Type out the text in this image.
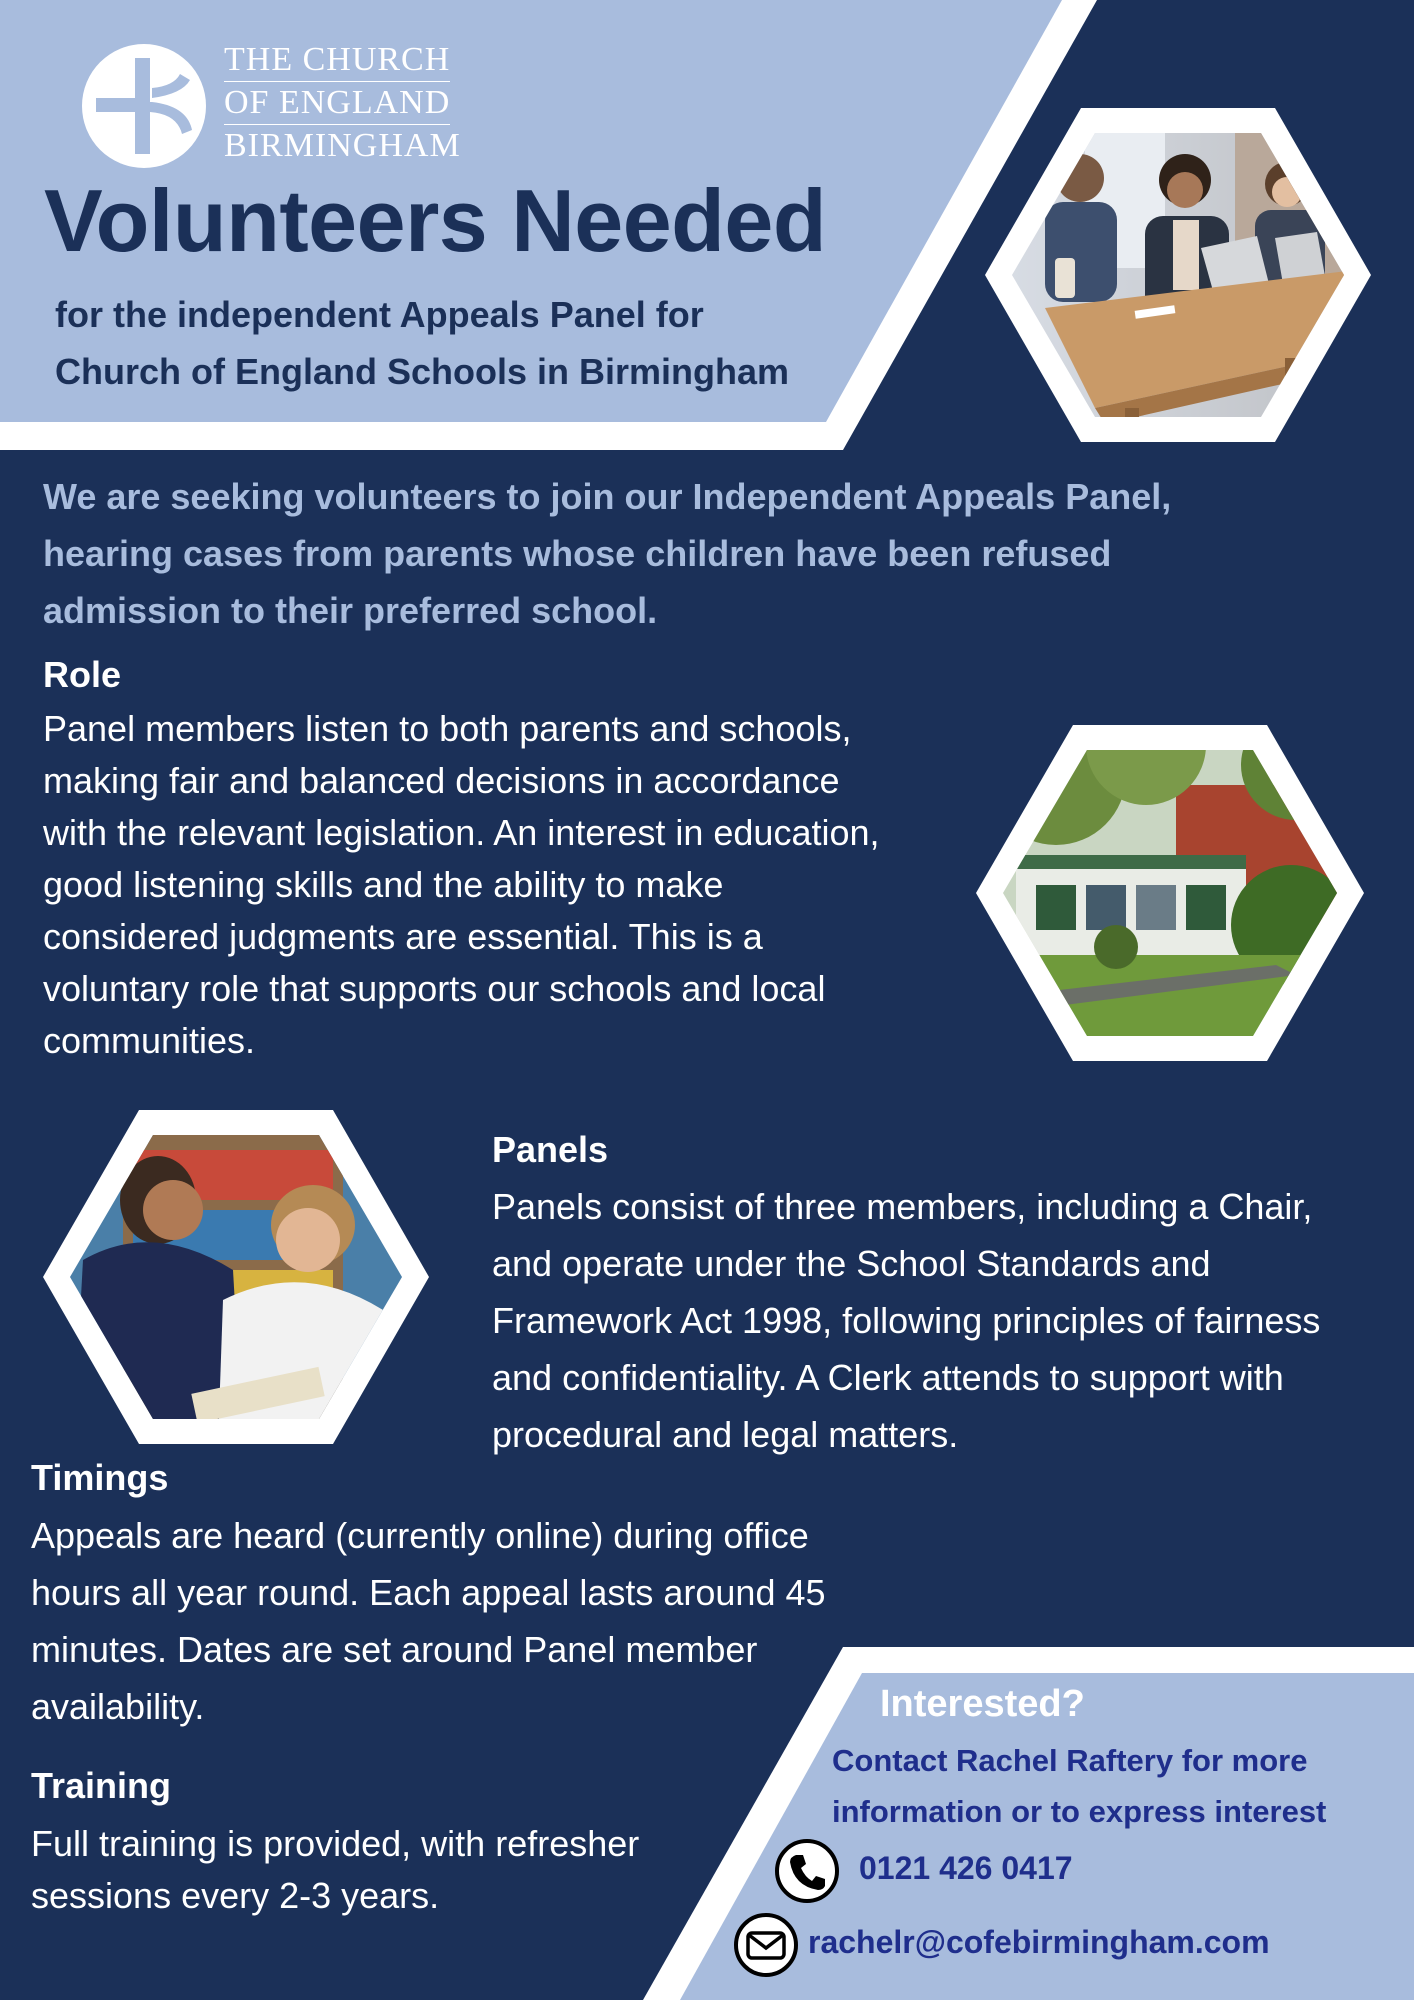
THE CHURCH
OF ENGLAND
BIRMINGHAM
Volunteers Needed
for the independent Appeals Panel for
Church of England Schools in Birmingham
We are seeking volunteers to join our Independent Appeals Panel,
hearing cases from parents whose children have been refused
admission to their preferred school.
Role
Panel members listen to both parents and schools,
making fair and balanced decisions in accordance
with the relevant legislation. An interest in education,
good listening skills and the ability to make
considered judgments are essential. This is a
voluntary role that supports our schools and local
communities.
Panels
Panels consist of three members, including a Chair,
and operate under the School Standards and
Framework Act 1998, following principles of fairness
and confidentiality. A Clerk attends to support with
procedural and legal matters.
Timings
Appeals are heard (currently online) during office
hours all year round. Each appeal lasts around 45
minutes. Dates are set around Panel member
availability.
Training
Full training is provided, with refresher
sessions every 2-3 years.
Interested?
Contact Rachel Raftery for more
information or to express interest
0121 426 0417
rachelr@cofebirmingham.com
